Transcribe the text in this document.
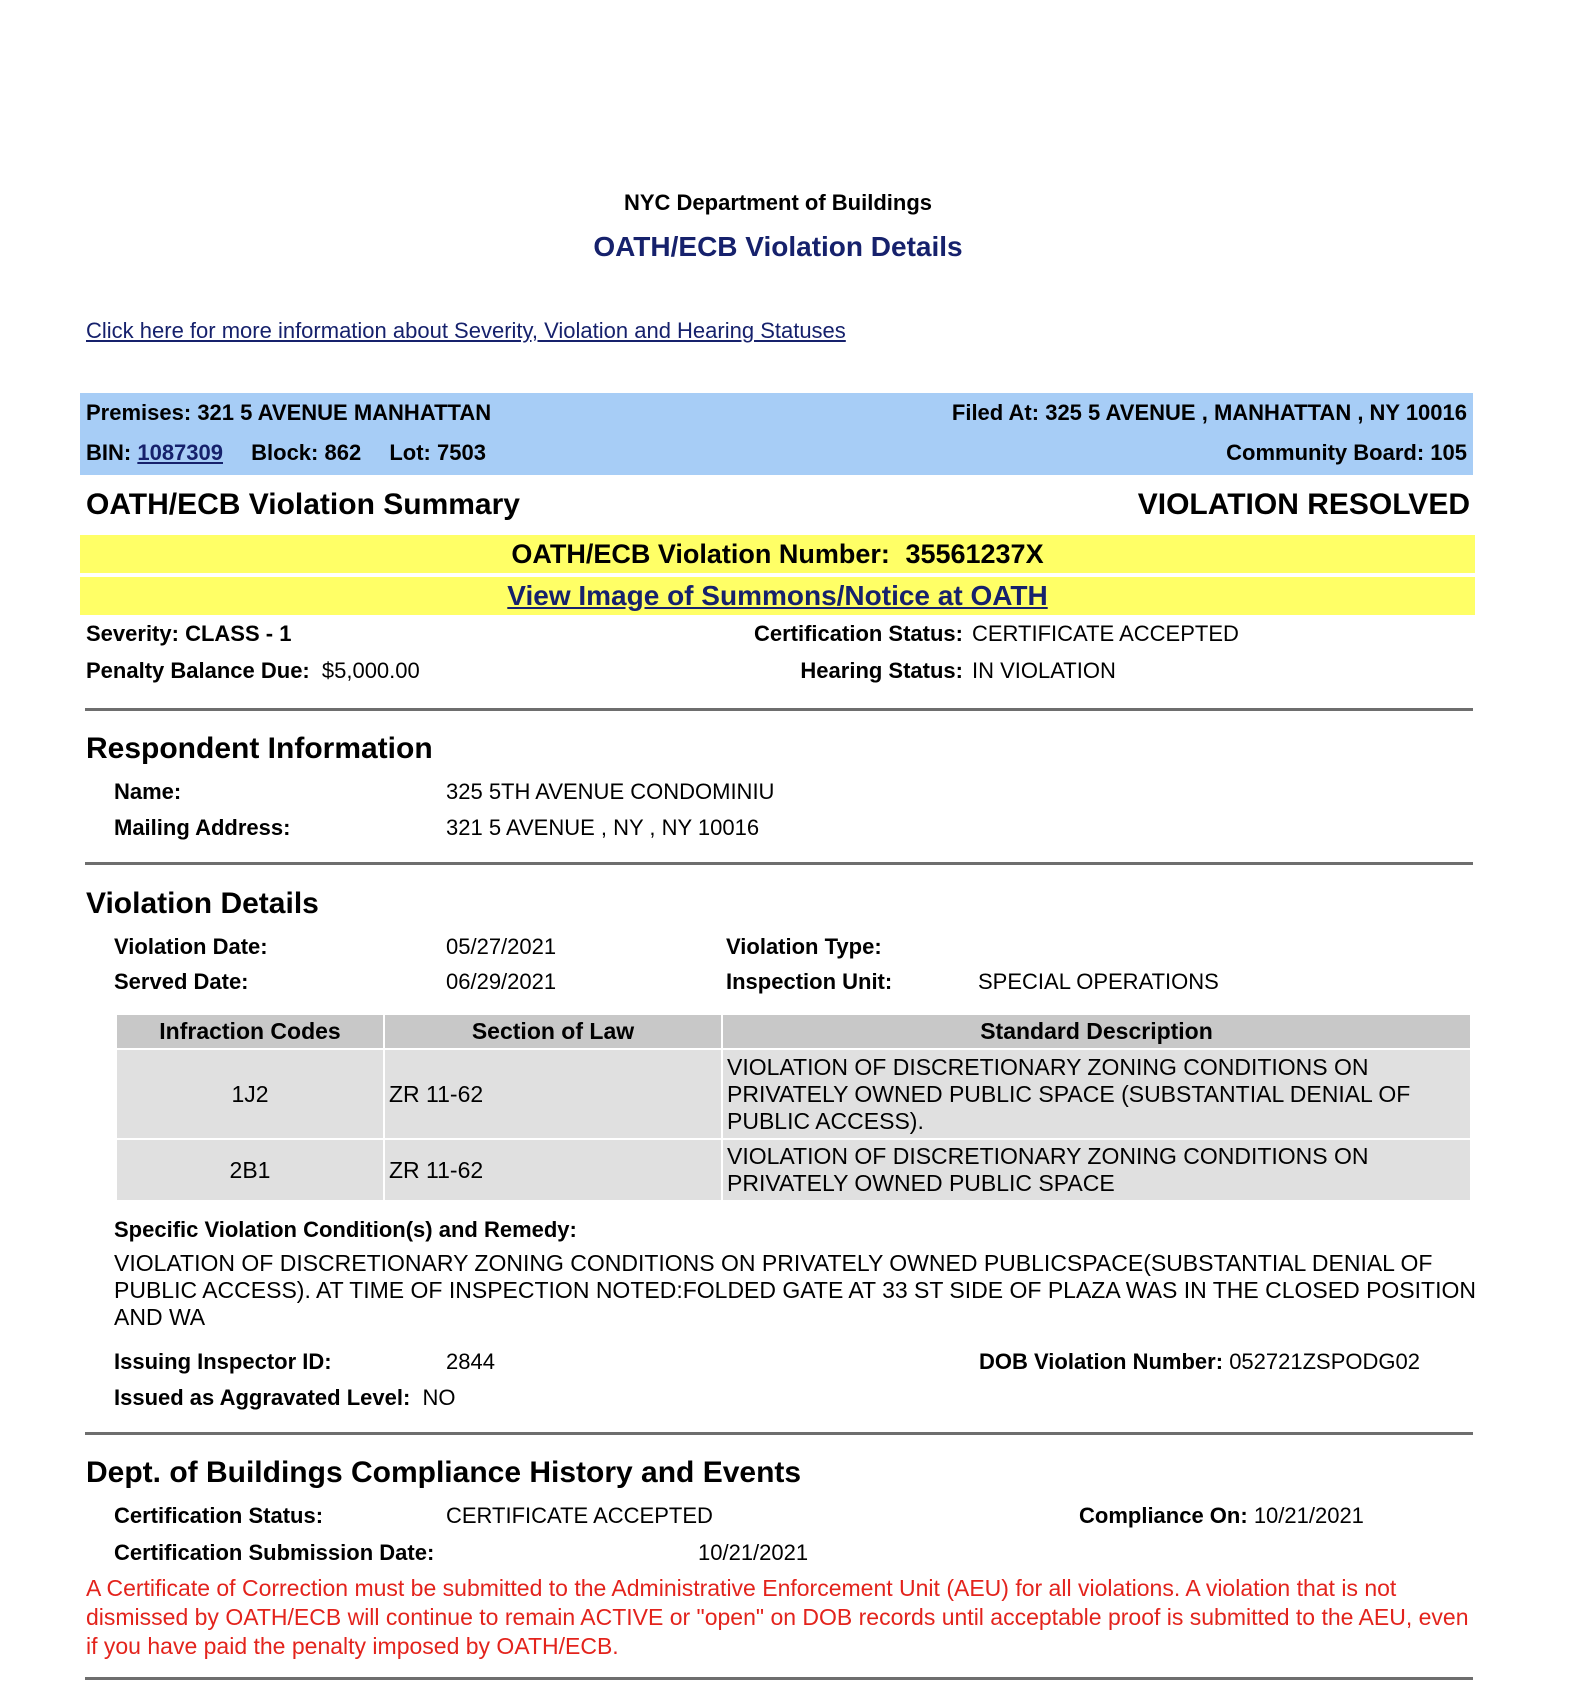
NYC Department of Buildings
OATH/ECB Violation Details
Click here for more information about Severity, Violation and Hearing Statuses
Premises: 321 5 AVENUE MANHATTAN	Filed At: 325 5 AVENUE , MANHATTAN , NY 10016
BIN: 1087309 Block: 862 Lot: 7503	Community Board: 105
OATH/ECB Violation Summary	VIOLATION RESOLVED
OATH/ECB Violation Number: 35561237X
View Image of Summons/Notice at OATH
Severity: CLASS - 1
Penalty Balance Due: $5,000.00
Certification Status: CERTIFICATE ACCEPTED
Hearing Status: IN VIOLATION
Respondent Information
Name:	325 5TH AVENUE CONDOMINIU
Mailing Address:	321 5 AVENUE , NY , NY 10016
Violation Details
Violation Date:	05/27/2021
Served Date:	06/29/2021
Violation Type:
Inspection Unit:	SPECIAL OPERATIONS
Infraction Codes	Section of Law	Standard Description
1J2	ZR 11-62	VIOLATION OF DISCRETIONARY ZONING CONDITIONS ON PRIVATELY OWNED PUBLIC SPACE (SUBSTANTIAL DENIAL OF PUBLIC ACCESS).
2B1	ZR 11-62	VIOLATION OF DISCRETIONARY ZONING CONDITIONS ON PRIVATELY OWNED PUBLIC SPACE
Specific Violation Condition(s) and Remedy:
VIOLATION OF DISCRETIONARY ZONING CONDITIONS ON PRIVATELY OWNED PUBLICSPACE(SUBSTANTIAL DENIAL OF PUBLIC ACCESS). AT TIME OF INSPECTION NOTED:FOLDED GATE AT 33 ST SIDE OF PLAZA WAS IN THE CLOSED POSITION AND WA
Issuing Inspector ID:	2844	DOB Violation Number: 052721ZSPODG02
Issued as Aggravated Level: NO
Dept. of Buildings Compliance History and Events
Certification Status:	CERTIFICATE ACCEPTED	Compliance On: 10/21/2021
Certification Submission Date:	10/21/2021
A Certificate of Correction must be submitted to the Administrative Enforcement Unit (AEU) for all violations. A violation that is not dismissed by OATH/ECB will continue to remain ACTIVE or "open" on DOB records until acceptable proof is submitted to the AEU, even if you have paid the penalty imposed by OATH/ECB.
